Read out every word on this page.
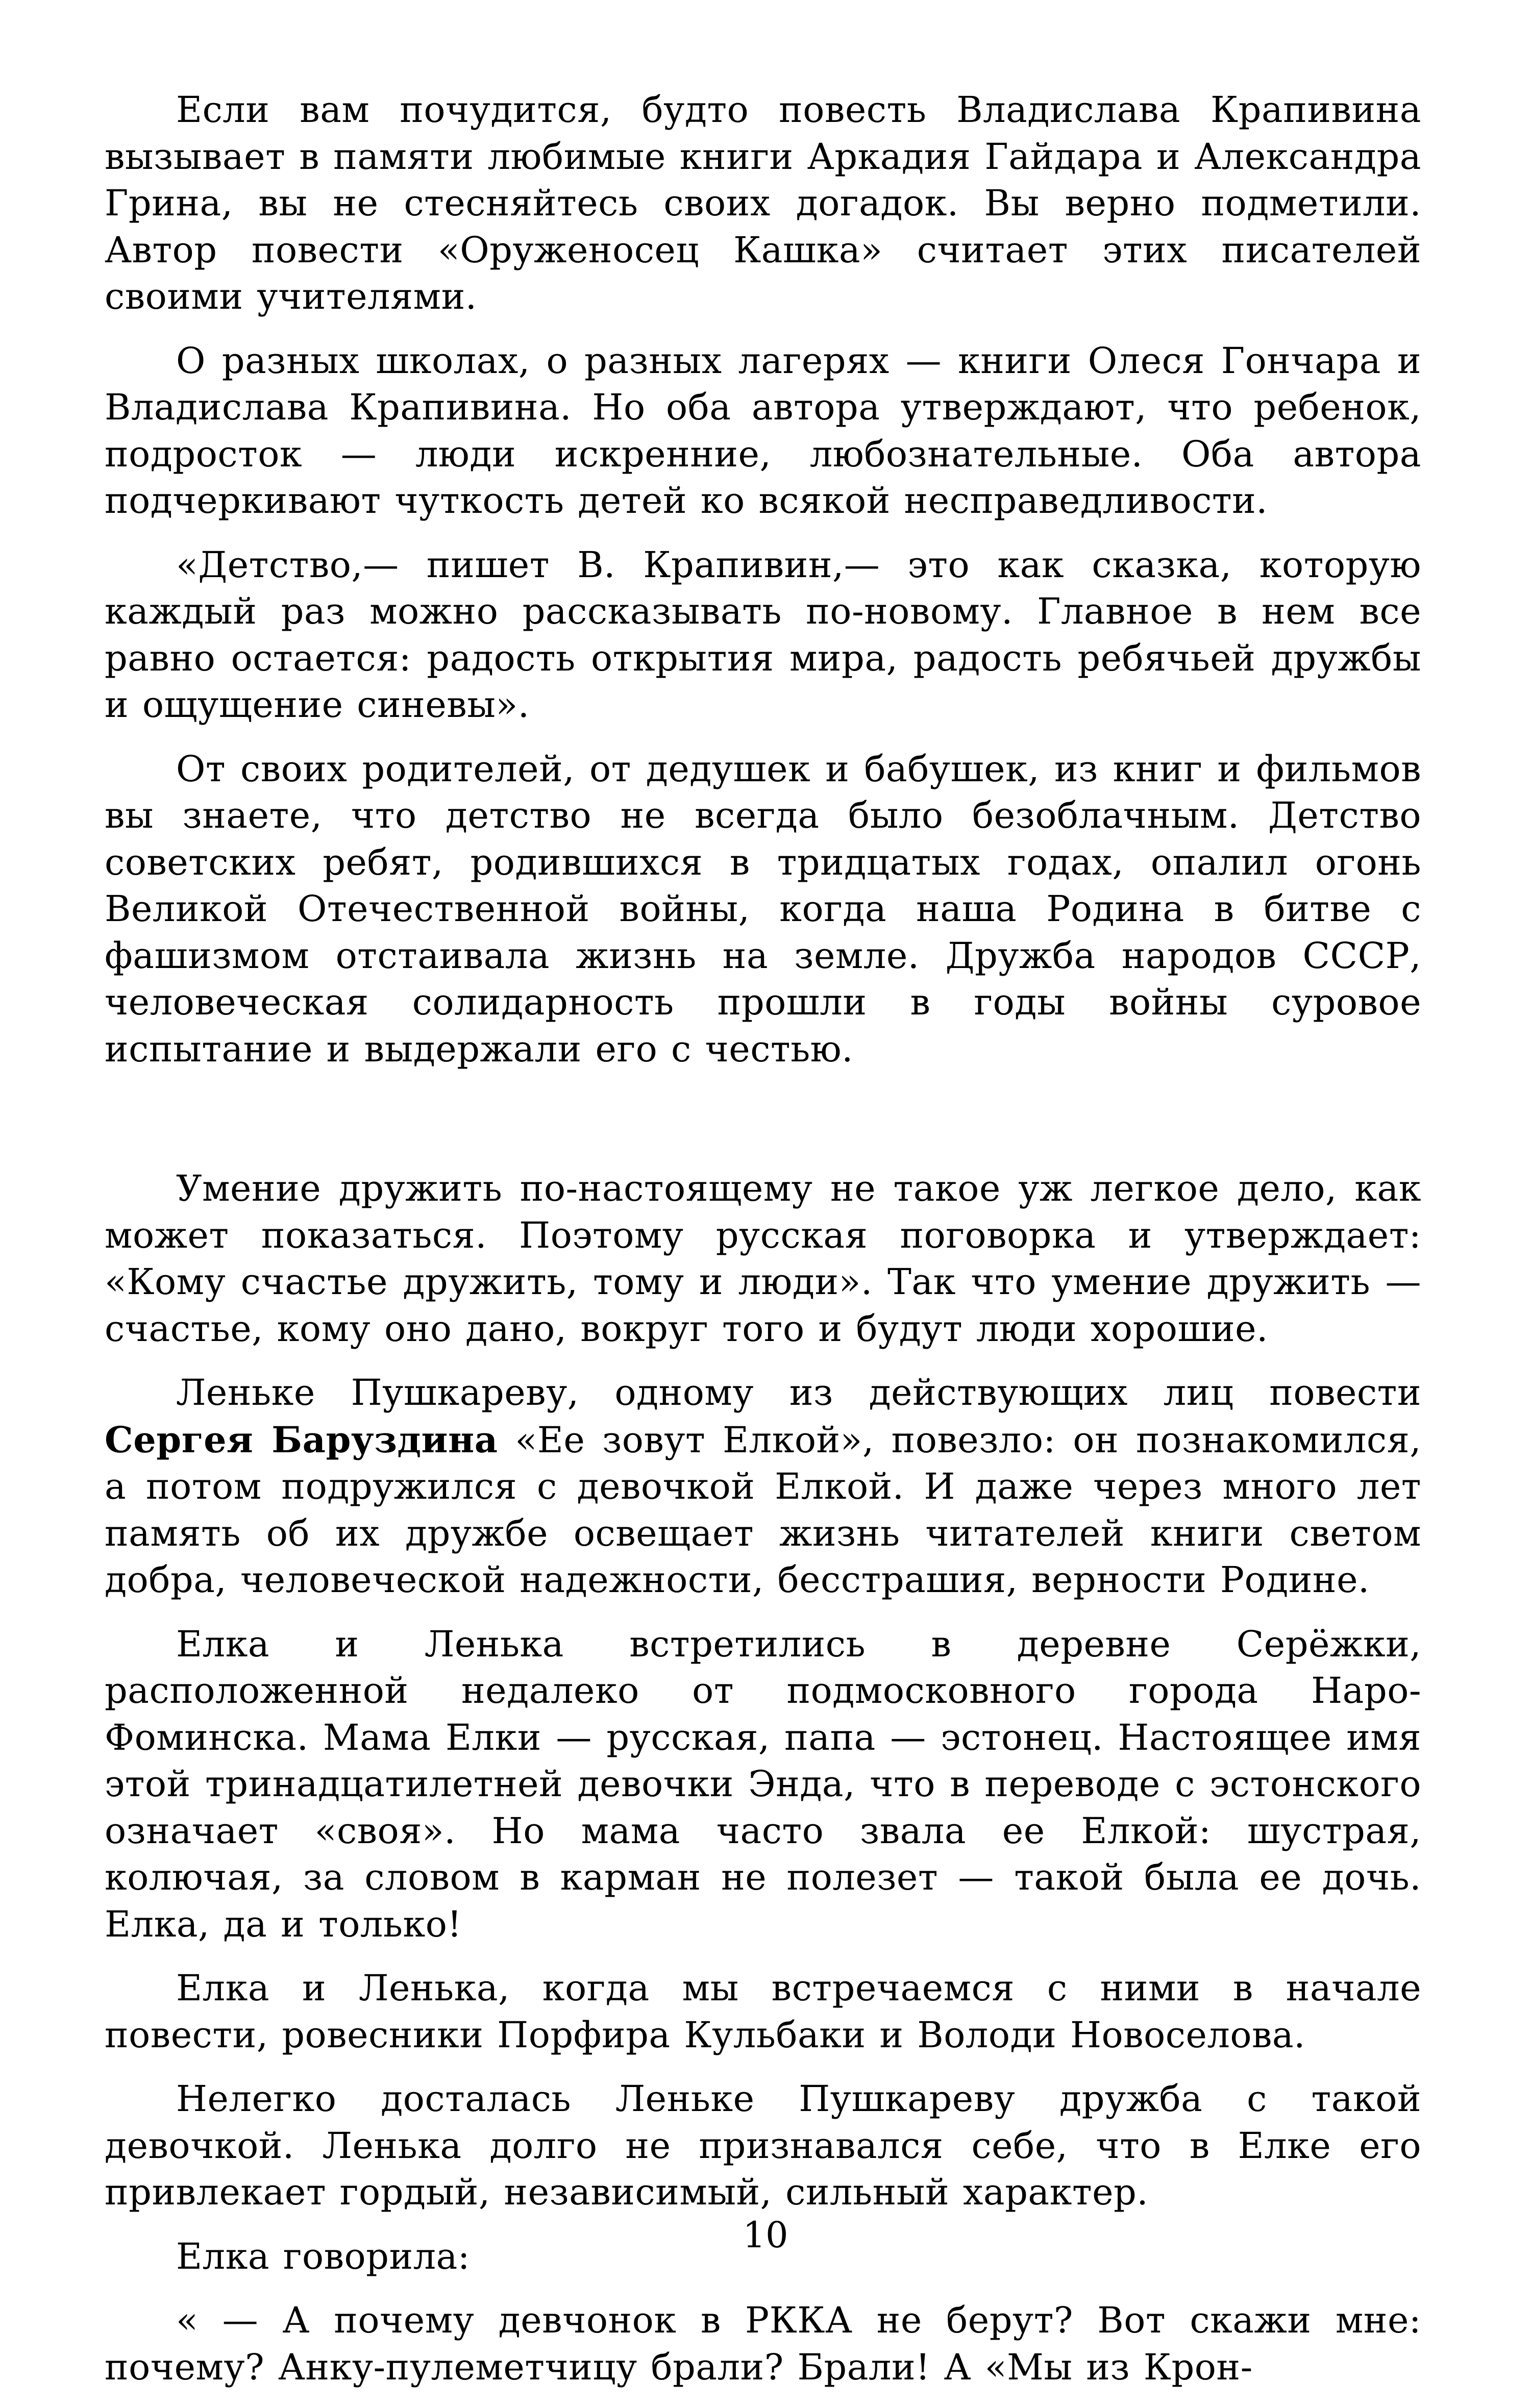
Если вам почудится, будто повесть Владислава Крапивина вызывает в памяти любимые книги Аркадия Гайдара и Александра Грина, вы не стесняйтесь своих догадок. Вы верно подметили. Автор повести «Оруженосец Кашка» считает этих писателей своими учителями.

О разных школах, о разных лагерях — книги Олеся Гончара и Владислава Крапивина. Но оба автора утверждают, что ребенок, подросток — люди искренние, любознательные. Оба автора подчеркивают чуткость детей ко всякой несправедливости.

«Детство,— пишет В. Крапивин,— это как сказка, которую каждый раз можно рассказывать по-новому. Главное в нем все равно остается: радость открытия мира, радость ребячьей дружбы и ощущение синевы».

От своих родителей, от дедушек и бабушек, из книг и фильмов вы знаете, что детство не всегда было безоблачным. Детство советских ребят, родившихся в тридцатых годах, опалил огонь Великой Отечественной войны, когда наша Родина в битве с фашизмом отстаивала жизнь на земле. Дружба народов СССР, человеческая солидарность прошли в годы войны суровое испытание и выдержали его с честью.

Умение дружить по-настоящему не такое уж легкое дело, как может показаться. Поэтому русская поговорка и утверждает: «Кому счастье дружить, тому и люди». Так что умение дружить — счастье, кому оно дано, вокруг того и будут люди хорошие.

Леньке Пушкареву, одному из действующих лиц повести Сергея Баруздина «Ее зовут Елкой», повезло: он познакомился, а потом подружился с девочкой Елкой. И даже через много лет память об их дружбе освещает жизнь читателей книги светом добра, человеческой надежности, бесстрашия, верности Родине.

Елка и Ленька встретились в деревне Серёжки, расположенной недалеко от подмосковного города Наро-Фоминска. Мама Елки — русская, папа — эстонец. Настоящее имя этой тринадцатилетней девочки Энда, что в переводе с эстонского означает «своя». Но мама часто звала ее Елкой: шустрая, колючая, за словом в карман не полезет — такой была ее дочь. Елка, да и только!

Елка и Ленька, когда мы встречаемся с ними в начале повести, ровесники Порфира Кульбаки и Володи Новоселова.

Нелегко досталась Леньке Пушкареву дружба с такой девочкой. Ленька долго не признавался себе, что в Елке его привлекает гордый, независимый, сильный характер.

Елка говорила:

« — А почему девчонок в РККА не берут? Вот скажи мне: почему? Анку-пулеметчицу брали? Брали! А «Мы из Крон-

10
